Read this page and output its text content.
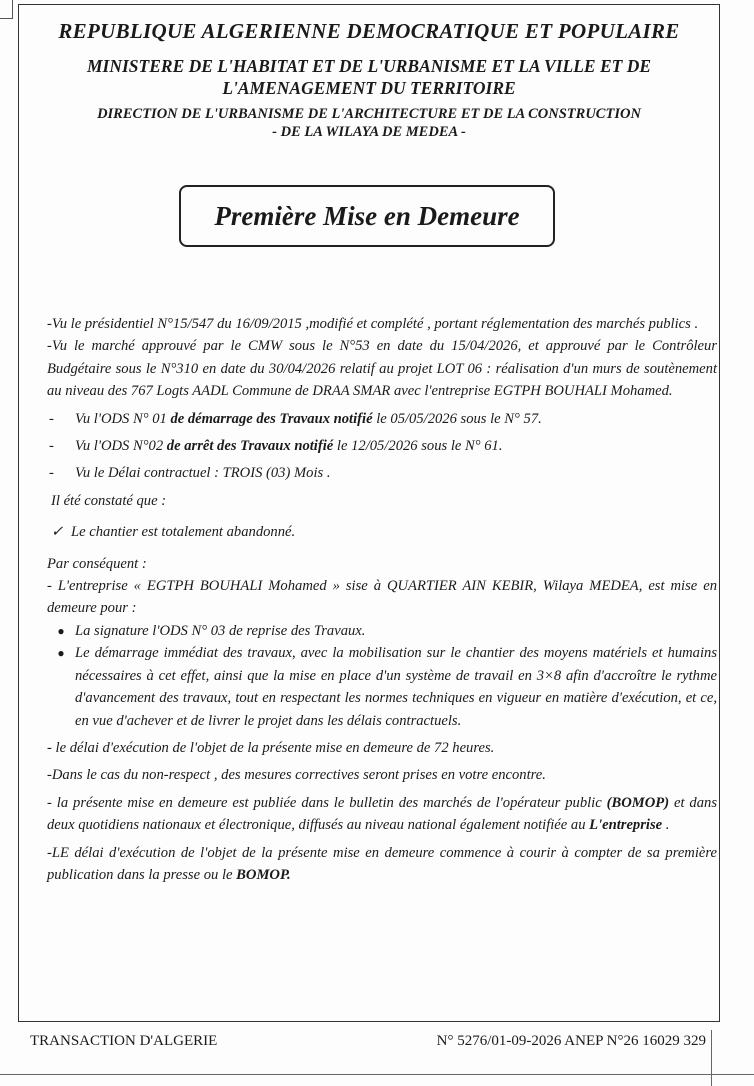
REPUBLIQUE ALGERIENNE DEMOCRATIQUE ET POPULAIRE
MINISTERE DE L'HABITAT ET DE L'URBANISME ET LA VILLE ET DE
L'AMENAGEMENT DU TERRITOIRE
DIRECTION DE L'URBANISME DE L'ARCHITECTURE ET DE LA CONSTRUCTION
- DE LA WILAYA DE MEDEA -
Première Mise en Demeure

-Vu le présidentiel N°15/547 du 16/09/2015 ,modifié et complété , portant réglementation des marchés publics .

-Vu le marché approuvé par le CMW sous le N°53 en date du 15/04/2026, et approuvé par le Contrôleur Budgétaire sous le N°310 en date du 30/04/2026 relatif au projet LOT 06 : réalisation d'un murs de soutènement au niveau des 767 Logts AADL Commune de DRAA SMAR avec l'entreprise EGTPH BOUHALI Mohamed.

-	Vu l'ODS N° 01 de démarrage des Travaux notifié le 05/05/2026 sous le N° 57.
-	Vu l'ODS N°02 de arrêt des Travaux notifié le 12/05/2026 sous le N° 61.
-	Vu le Délai contractuel : TROIS (03) Mois .

Il été constaté que :

✓ Le chantier est totalement abandonné.

Par conséquent :

- L'entreprise « EGTPH BOUHALI Mohamed » sise à QUARTIER AIN KEBIR, Wilaya MEDEA, est mise en demeure pour :

● La signature l'ODS N° 03 de reprise des Travaux.
● Le démarrage immédiat des travaux, avec la mobilisation sur le chantier des moyens matériels et humains nécessaires à cet effet, ainsi que la mise en place d'un système de travail en 3×8 afin d'accroître le rythme d'avancement des travaux, tout en respectant les normes techniques en vigueur en matière d'exécution, et ce, en vue d'achever et de livrer le projet dans les délais contractuels.

- le délai d'exécution de l'objet de la présente mise en demeure de 72 heures.

-Dans le cas du non-respect , des mesures correctives seront prises en votre encontre.

- la présente mise en demeure est publiée dans le bulletin des marchés de l'opérateur public (BOMOP) et dans deux quotidiens nationaux et électronique, diffusés au niveau national également notifiée au L'entreprise .

-LE délai d'exécution de l'objet de la présente mise en demeure commence à courir à compter de sa première publication dans la presse ou le BOMOP.

TRANSACTION D'ALGERIE	N° 5276/01-09-2026 ANEP N°26 16029 329
